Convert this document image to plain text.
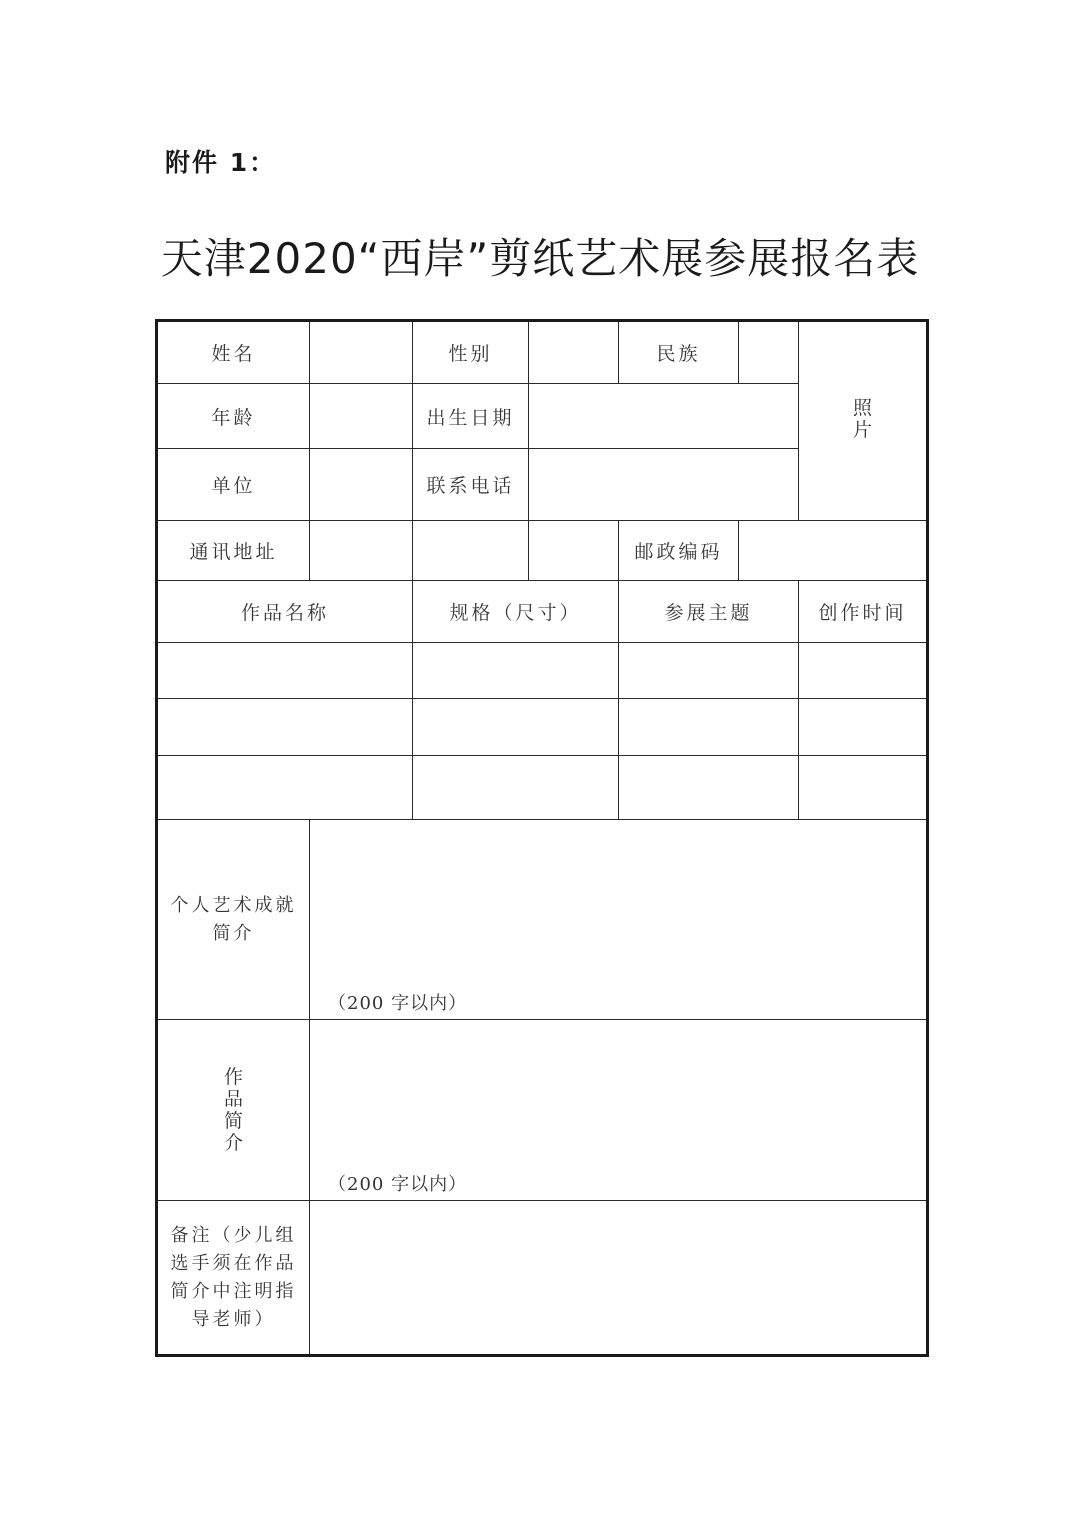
附件 1：
天津2020“西岸”剪纸艺术展参展报名表
姓名		性别		民族		照片
年龄		出生日期				
单位		联系电话				
通讯地址				邮政编码		
作品名称		规格（尺寸）		参展主题		创作时间

个人艺术成就简介	（200 字以内）					

作品简介	（200 字以内）					

备注（少儿组选手须在作品简介中注明指导老师）						
